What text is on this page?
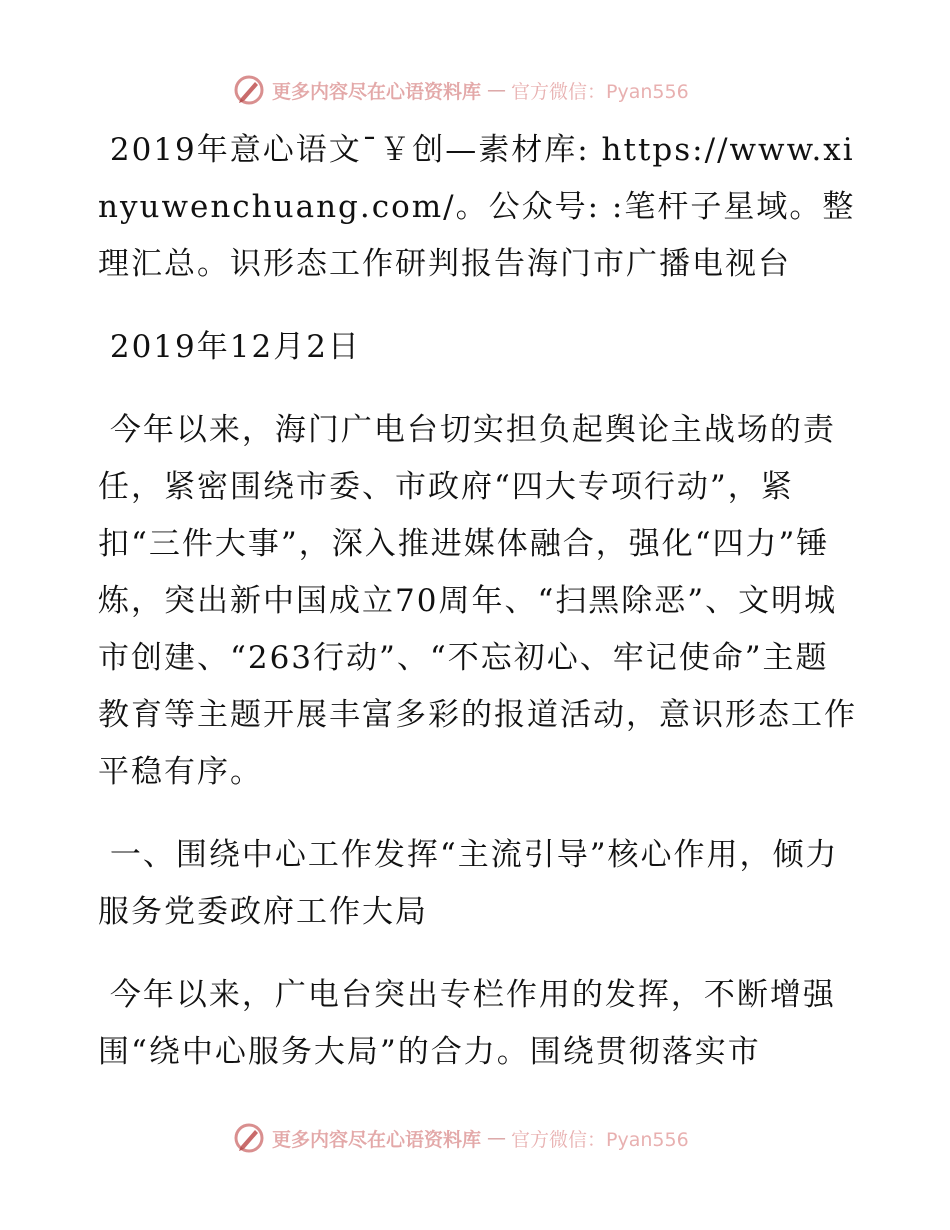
更多内容尽在心语资料库 — 官方微信：Pyan556

2019年意心语文¯￥创—素材库: https://www.xinyuwenchuang.com/。公众号: :笔杆子星域。整理汇总。识形态工作研判报告海门市广播电视台

2019年12月2日

今年以来，海门广电台切实担负起舆论主战场的责任，紧密围绕市委、市政府“四大专项行动”，紧扣“三件大事”，深入推进媒体融合，强化“四力”锤炼，突出新中国成立70周年、“扫黑除恶”、文明城市创建、“263行动”、“不忘初心、牢记使命”主题教育等主题开展丰富多彩的报道活动，意识形态工作平稳有序。

一、围绕中心工作发挥“主流引导”核心作用，倾力服务党委政府工作大局

今年以来，广电台突出专栏作用的发挥，不断增强围“绕中心服务大局”的合力。围绕贯彻落实市

更多内容尽在心语资料库 — 官方微信：Pyan556
